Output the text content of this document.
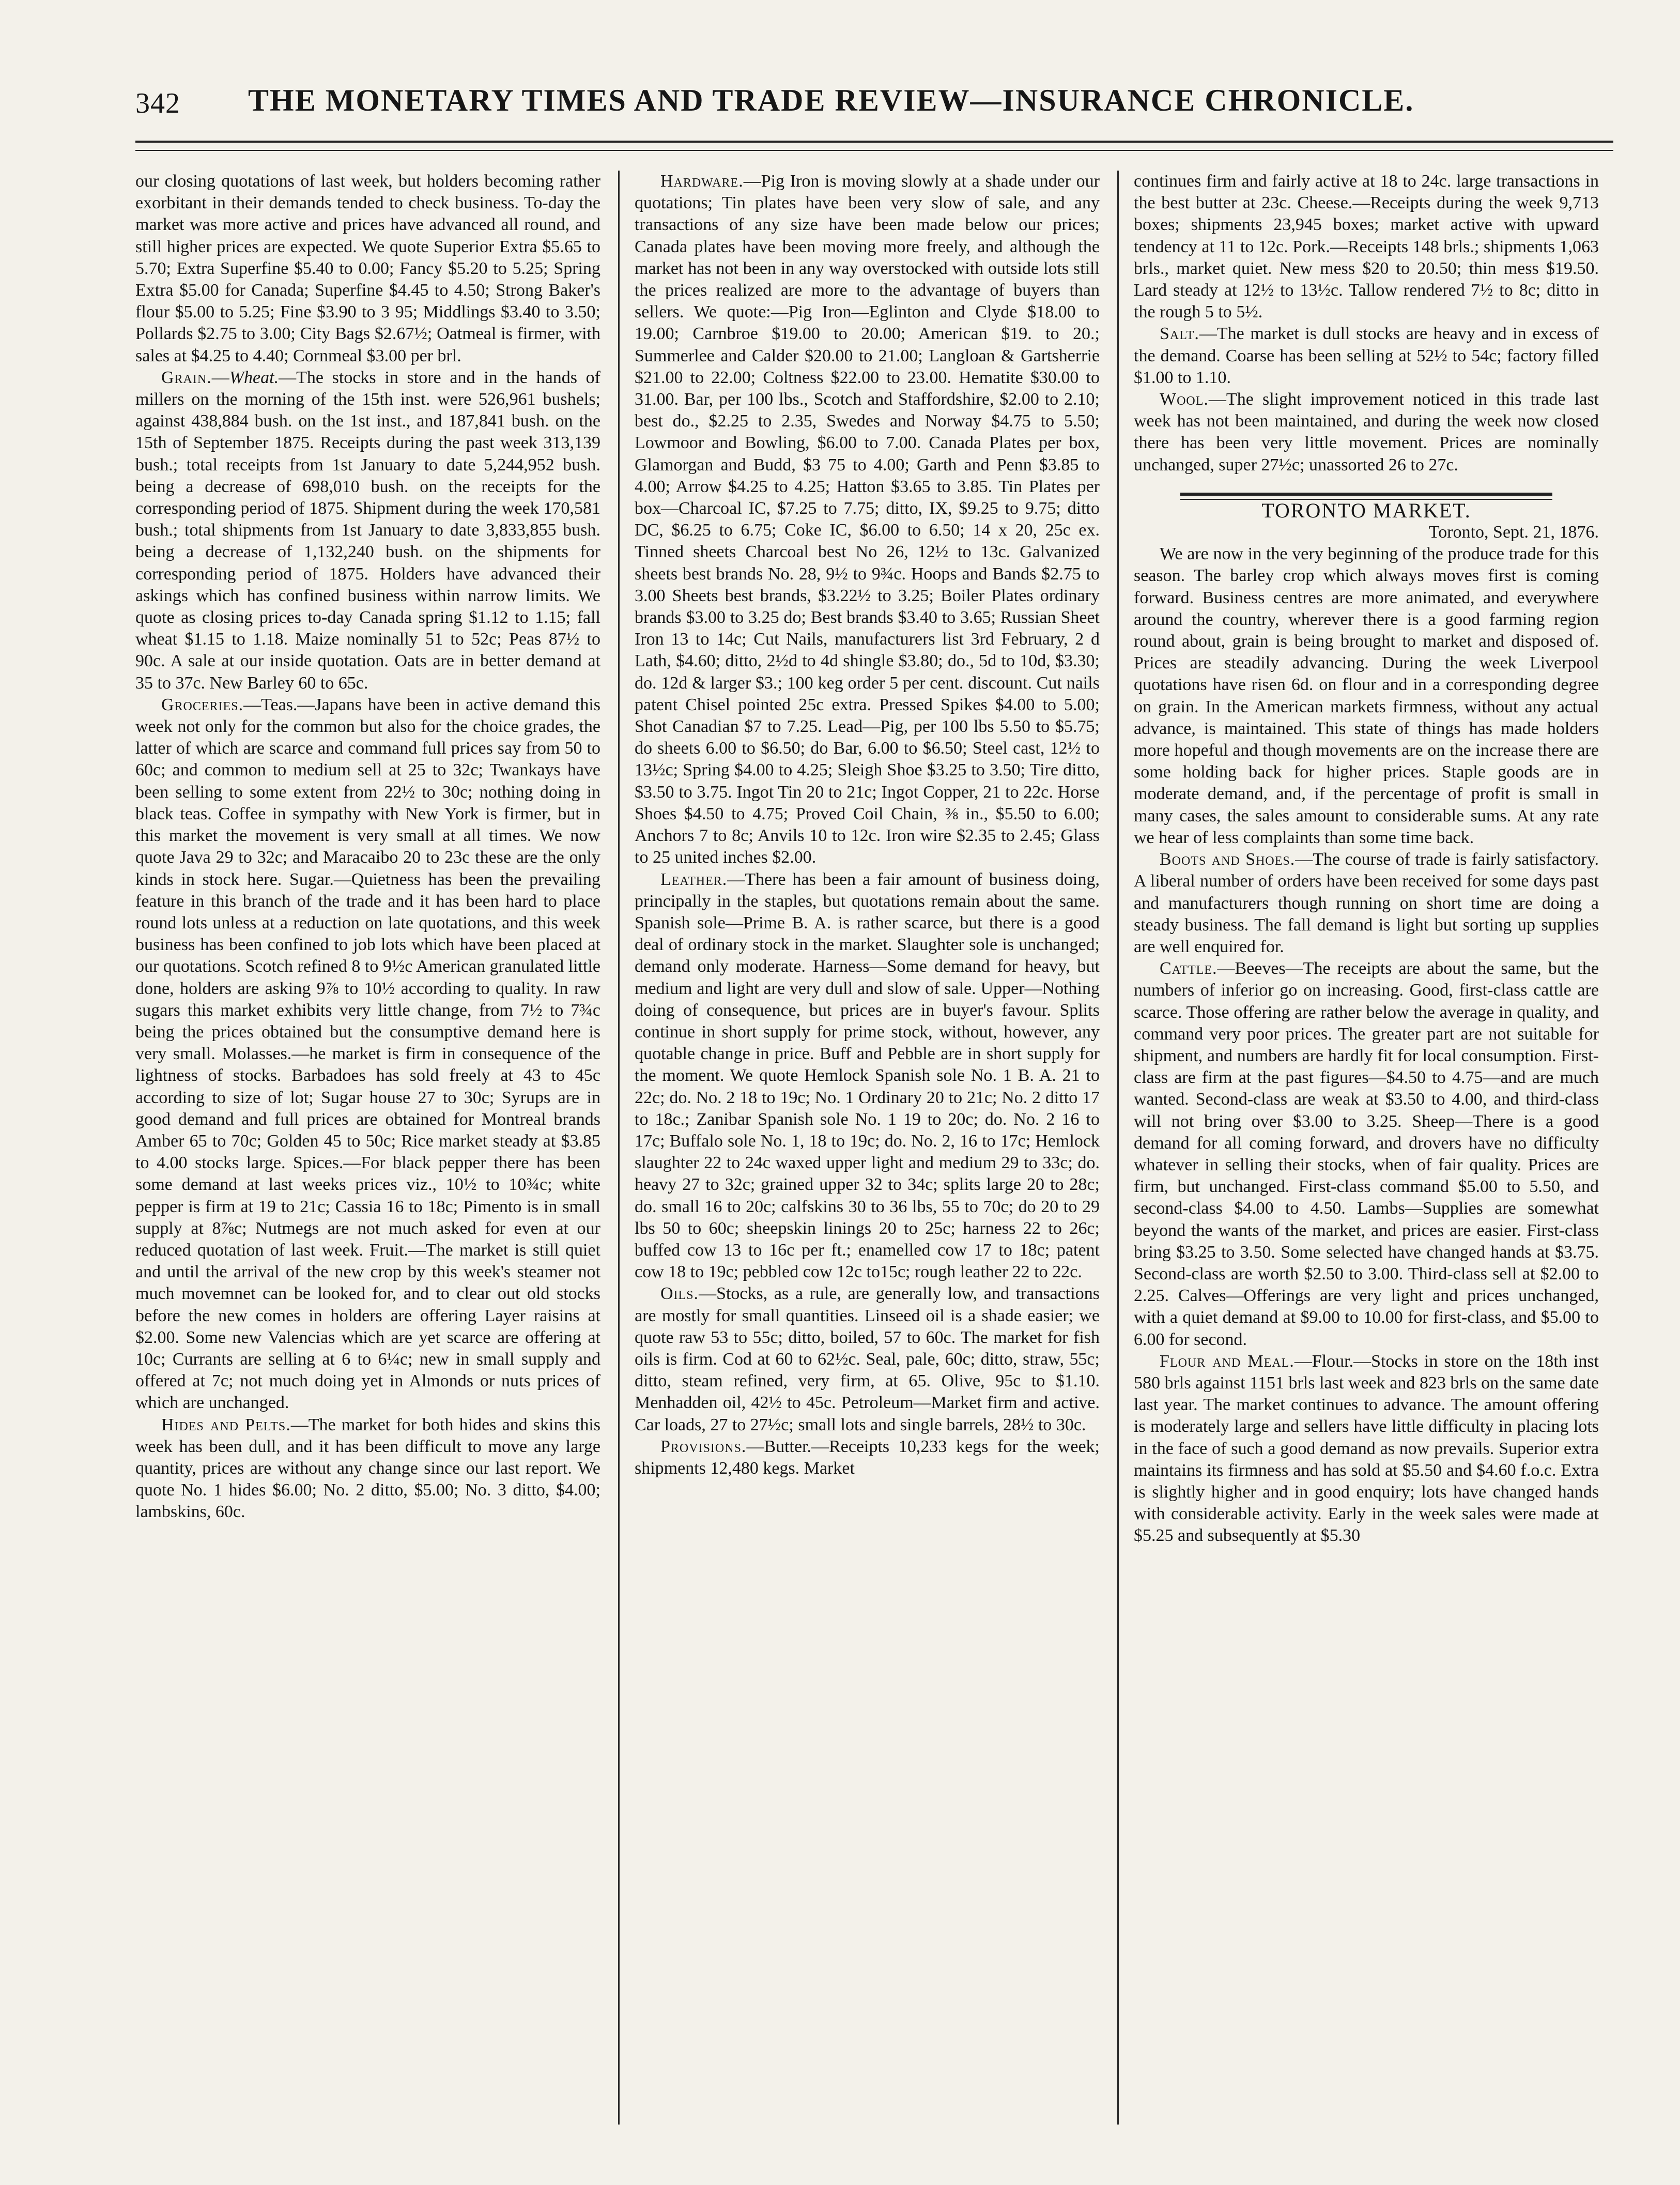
342 THE MONETARY TIMES AND TRADE REVIEW—INSURANCE CHRONICLE.

our closing quotations of last week, but holders becoming rather exorbitant in their demands tended to check business. To-day the market was more active and prices have advanced all round, and still higher prices are expected. We quote Superior Extra $5.65 to 5.70; Extra Superfine $5.40 to 0.00; Fancy $5.20 to 5.25; Spring Extra $5.00 for Canada; Superfine $4.45 to 4.50; Strong Baker's flour $5.00 to 5.25; Fine $3.90 to 3 95; Middlings $3.40 to 3.50; Pollards $2.75 to 3.00; City Bags $2.67½; Oatmeal is firmer, with sales at $4.25 to 4.40; Cornmeal $3.00 per brl.

Grain.—Wheat.—The stocks in store and in the hands of millers on the morning of the 15th inst. were 526,961 bushels; against 438,884 bush. on the 1st inst., and 187,841 bush. on the 15th of September 1875. Receipts during the past week 313,139 bush.; total receipts from 1st January to date 5,244,952 bush. being a decrease of 698,010 bush. on the receipts for the corresponding period of 1875. Shipment during the week 170,581 bush.; total shipments from 1st January to date 3,833,855 bush. being a decrease of 1,132,240 bush. on the shipments for corresponding period of 1875. Holders have advanced their askings which has confined business within narrow limits. We quote as closing prices to-day Canada spring $1.12 to 1.15; fall wheat $1.15 to 1.18. Maize nominally 51 to 52c; Peas 87½ to 90c. A sale at our inside quotation. Oats are in better demand at 35 to 37c. New Barley 60 to 65c.

Groceries.—Teas.—Japans have been in active demand this week not only for the common but also for the choice grades, the latter of which are scarce and command full prices say from 50 to 60c; and common to medium sell at 25 to 32c; Twankays have been selling to some extent from 22½ to 30c; nothing doing in black teas. Coffee in sympathy with New York is firmer, but in this market the movement is very small at all times. We now quote Java 29 to 32c; and Maracaibo 20 to 23c these are the only kinds in stock here. Sugar.—Quietness has been the prevailing feature in this branch of the trade and it has been hard to place round lots unless at a reduction on late quotations, and this week business has been confined to job lots which have been placed at our quotations. Scotch refined 8 to 9½c American granulated little done, holders are asking 9⅞ to 10½ according to quality. In raw sugars this market exhibits very little change, from 7½ to 7¾c being the prices obtained but the consumptive demand here is very small. Molasses.—he market is firm in consequence of the lightness of stocks. Barbadoes has sold freely at 43 to 45c according to size of lot; Sugar house 27 to 30c; Syrups are in good demand and full prices are obtained for Montreal brands Amber 65 to 70c; Golden 45 to 50c; Rice market steady at $3.85 to 4.00 stocks large. Spices.—For black pepper there has been some demand at last weeks prices viz., 10½ to 10¾c; white pepper is firm at 19 to 21c; Cassia 16 to 18c; Pimento is in small supply at 8⅞c; Nutmegs are not much asked for even at our reduced quotation of last week. Fruit.—The market is still quiet and until the arrival of the new crop by this week's steamer not much movemnet can be looked for, and to clear out old stocks before the new comes in holders are offering Layer raisins at $2.00. Some new Valencias which are yet scarce are offering at 10c; Currants are selling at 6 to 6¼c; new in small supply and offered at 7c; not much doing yet in Almonds or nuts prices of which are unchanged.

Hides and Pelts.—The market for both hides and skins this week has been dull, and it has been difficult to move any large quantity, prices are without any change since our last report. We quote No. 1 hides $6.00; No. 2 ditto, $5.00; No. 3 ditto, $4.00; lambskins, 60c.

Hardware.—Pig Iron is moving slowly at a shade under our quotations; Tin plates have been very slow of sale, and any transactions of any size have been made below our prices; Canada plates have been moving more freely, and although the market has not been in any way overstocked with outside lots still the prices realized are more to the advantage of buyers than sellers. We quote:—Pig Iron—Eglinton and Clyde $18.00 to 19.00; Carnbroe $19.00 to 20.00; American $19. to 20.; Summerlee and Calder $20.00 to 21.00; Langloan & Gartsherrie $21.00 to 22.00; Coltness $22.00 to 23.00. Hematite $30.00 to 31.00. Bar, per 100 lbs., Scotch and Staffordshire, $2.00 to 2.10; best do., $2.25 to 2.35, Swedes and Norway $4.75 to 5.50; Lowmoor and Bowling, $6.00 to 7.00. Canada Plates per box, Glamorgan and Budd, $3 75 to 4.00; Garth and Penn $3.85 to 4.00; Arrow $4.25 to 4.25; Hatton $3.65 to 3.85. Tin Plates per box—Charcoal IC, $7.25 to 7.75; ditto, IX, $9.25 to 9.75; ditto DC, $6.25 to 6.75; Coke IC, $6.00 to 6.50; 14 x 20, 25c ex. Tinned sheets Charcoal best No 26, 12½ to 13c. Galvanized sheets best brands No. 28, 9½ to 9¾c. Hoops and Bands $2.75 to 3.00 Sheets best brands, $3.22½ to 3.25; Boiler Plates ordinary brands $3.00 to 3.25 do; Best brands $3.40 to 3.65; Russian Sheet Iron 13 to 14c; Cut Nails, manufacturers list 3rd February, 2 d Lath, $4.60; ditto, 2½d to 4d shingle $3.80; do., 5d to 10d, $3.30; do. 12d & larger $3.; 100 keg order 5 per cent. discount. Cut nails patent Chisel pointed 25c extra. Pressed Spikes $4.00 to 5.00; Shot Canadian $7 to 7.25. Lead—Pig, per 100 lbs 5.50 to $5.75; do sheets 6.00 to $6.50; do Bar, 6.00 to $6.50; Steel cast, 12½ to 13½c; Spring $4.00 to 4.25; Sleigh Shoe $3.25 to 3.50; Tire ditto, $3.50 to 3.75. Ingot Tin 20 to 21c; Ingot Copper, 21 to 22c. Horse Shoes $4.50 to 4.75; Proved Coil Chain, ⅜ in., $5.50 to 6.00; Anchors 7 to 8c; Anvils 10 to 12c. Iron wire $2.35 to 2.45; Glass to 25 united inches $2.00.

Leather.—There has been a fair amount of business doing, principally in the staples, but quotations remain about the same. Spanish sole—Prime B. A. is rather scarce, but there is a good deal of ordinary stock in the market. Slaughter sole is unchanged; demand only moderate. Harness—Some demand for heavy, but medium and light are very dull and slow of sale. Upper—Nothing doing of consequence, but prices are in buyer's favour. Splits continue in short supply for prime stock, without, however, any quotable change in price. Buff and Pebble are in short supply for the moment. We quote Hemlock Spanish sole No. 1 B. A. 21 to 22c; do. No. 2 18 to 19c; No. 1 Ordinary 20 to 21c; No. 2 ditto 17 to 18c.; Zanibar Spanish sole No. 1 19 to 20c; do. No. 2 16 to 17c; Buffalo sole No. 1, 18 to 19c; do. No. 2, 16 to 17c; Hemlock slaughter 22 to 24c waxed upper light and medium 29 to 33c; do. heavy 27 to 32c; grained upper 32 to 34c; splits large 20 to 28c; do. small 16 to 20c; calfskins 30 to 36 lbs, 55 to 70c; do 20 to 29 lbs 50 to 60c; sheepskin linings 20 to 25c; harness 22 to 26c; buffed cow 13 to 16c per ft.; enamelled cow 17 to 18c; patent cow 18 to 19c; pebbled cow 12c to15c; rough leather 22 to 22c.

Oils.—Stocks, as a rule, are generally low, and transactions are mostly for small quantities. Linseed oil is a shade easier; we quote raw 53 to 55c; ditto, boiled, 57 to 60c. The market for fish oils is firm. Cod at 60 to 62½c. Seal, pale, 60c; ditto, straw, 55c; ditto, steam refined, very firm, at 65. Olive, 95c to $1.10. Menhadden oil, 42½ to 45c. Petroleum—Market firm and active. Car loads, 27 to 27½c; small lots and single barrels, 28½ to 30c.

Provisions.—Butter.—Receipts 10,233 kegs for the week; shipments 12,480 kegs. Market

continues firm and fairly active at 18 to 24c. large transactions in the best butter at 23c. Cheese.—Receipts during the week 9,713 boxes; shipments 23,945 boxes; market active with upward tendency at 11 to 12c. Pork.—Receipts 148 brls.; shipments 1,063 brls., market quiet. New mess $20 to 20.50; thin mess $19.50. Lard steady at 12½ to 13½c. Tallow rendered 7½ to 8c; ditto in the rough 5 to 5½.

Salt.—The market is dull stocks are heavy and in excess of the demand. Coarse has been selling at 52½ to 54c; factory filled $1.00 to 1.10.

Wool.—The slight improvement noticed in this trade last week has not been maintained, and during the week now closed there has been very little movement. Prices are nominally unchanged, super 27½c; unassorted 26 to 27c.

TORONTO MARKET.

Toronto, Sept. 21, 1876.

We are now in the very beginning of the produce trade for this season. The barley crop which always moves first is coming forward. Business centres are more animated, and everywhere around the country, wherever there is a good farming region round about, grain is being brought to market and disposed of. Prices are steadily advancing. During the week Liverpool quotations have risen 6d. on flour and in a corresponding degree on grain. In the American markets firmness, without any actual advance, is maintained. This state of things has made holders more hopeful and though movements are on the increase there are some holding back for higher prices. Staple goods are in moderate demand, and, if the percentage of profit is small in many cases, the sales amount to considerable sums. At any rate we hear of less complaints than some time back.

Boots and Shoes.—The course of trade is fairly satisfactory. A liberal number of orders have been received for some days past and manufacturers though running on short time are doing a steady business. The fall demand is light but sorting up supplies are well enquired for.

Cattle.—Beeves—The receipts are about the same, but the numbers of inferior go on increasing. Good, first-class cattle are scarce. Those offering are rather below the average in quality, and command very poor prices. The greater part are not suitable for shipment, and numbers are hardly fit for local consumption. First-class are firm at the past figures—$4.50 to 4.75—and are much wanted. Second-class are weak at $3.50 to 4.00, and third-class will not bring over $3.00 to 3.25. Sheep—There is a good demand for all coming forward, and drovers have no difficulty whatever in selling their stocks, when of fair quality. Prices are firm, but unchanged. First-class command $5.00 to 5.50, and second-class $4.00 to 4.50. Lambs—Supplies are somewhat beyond the wants of the market, and prices are easier. First-class bring $3.25 to 3.50. Some selected have changed hands at $3.75. Second-class are worth $2.50 to 3.00. Third-class sell at $2.00 to 2.25. Calves—Offerings are very light and prices unchanged, with a quiet demand at $9.00 to 10.00 for first-class, and $5.00 to 6.00 for second.

Flour and Meal.—Flour.—Stocks in store on the 18th inst 580 brls against 1151 brls last week and 823 brls on the same date last year. The market continues to advance. The amount offering is moderately large and sellers have little difficulty in placing lots in the face of such a good demand as now prevails. Superior extra maintains its firmness and has sold at $5.50 and $4.60 f.o.c. Extra is slightly higher and in good enquiry; lots have changed hands with considerable activity. Early in the week sales were made at $5.25 and subsequently at $5.30
